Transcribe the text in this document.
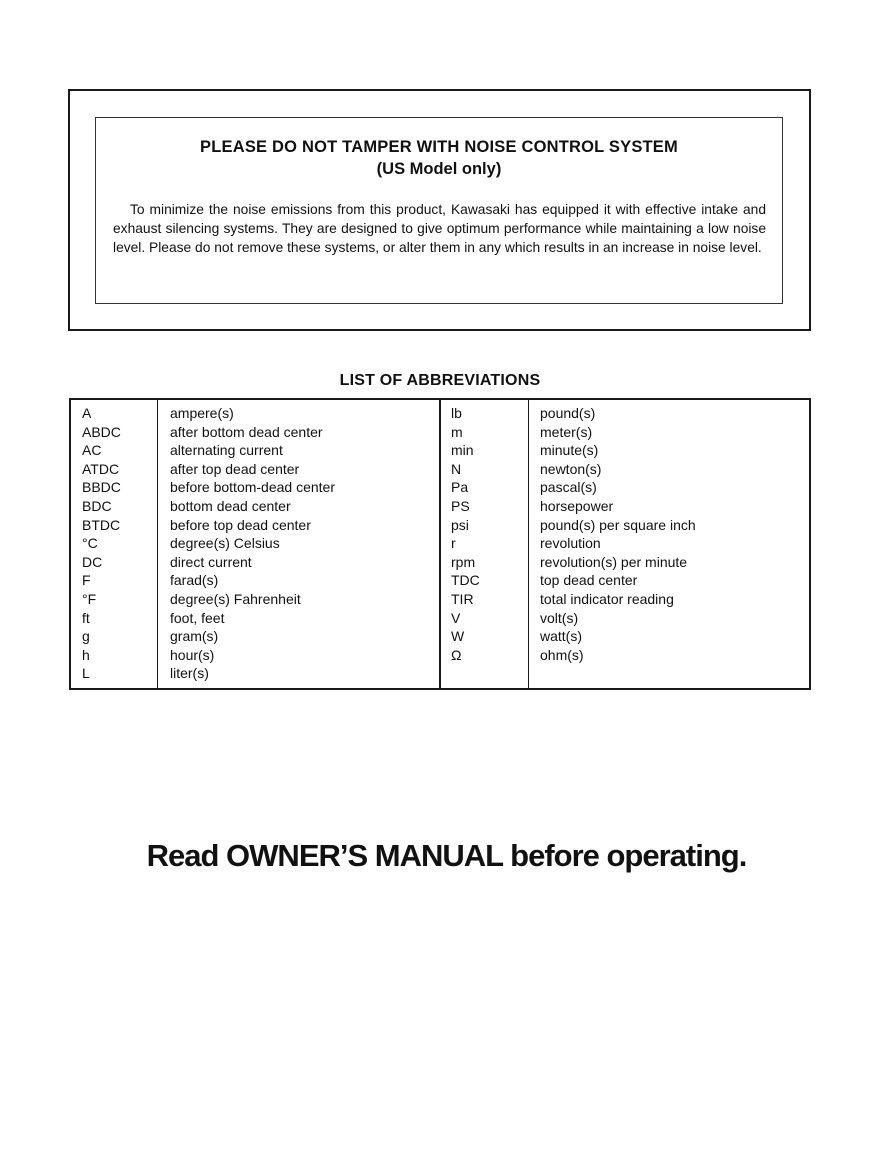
PLEASE DO NOT TAMPER WITH NOISE CONTROL SYSTEM
(US Model only)
To minimize the noise emissions from this product, Kawasaki has equipped it with effective intake and exhaust silencing systems. They are designed to give optimum performance while maintaining a low noise level. Please do not remove these systems, or alter them in any which results in an increase in noise level.
LIST OF ABBREVIATIONS
A
ABDC
AC
ATDC
BBDC
BDC
BTDC
°C
DC
F
°F
ft
g
h
L
ampere(s)
after bottom dead center
alternating current
after top dead center
before bottom-dead center
bottom dead center
before top dead center
degree(s) Celsius
direct current
farad(s)
degree(s) Fahrenheit
foot, feet
gram(s)
hour(s)
liter(s)
lb
m
min
N
Pa
PS
psi
r
rpm
TDC
TIR
V
W
Ω
pound(s)
meter(s)
minute(s)
newton(s)
pascal(s)
horsepower
pound(s) per square inch
revolution
revolution(s) per minute
top dead center
total indicator reading
volt(s)
watt(s)
ohm(s)
Read OWNER’S MANUAL before operating.
